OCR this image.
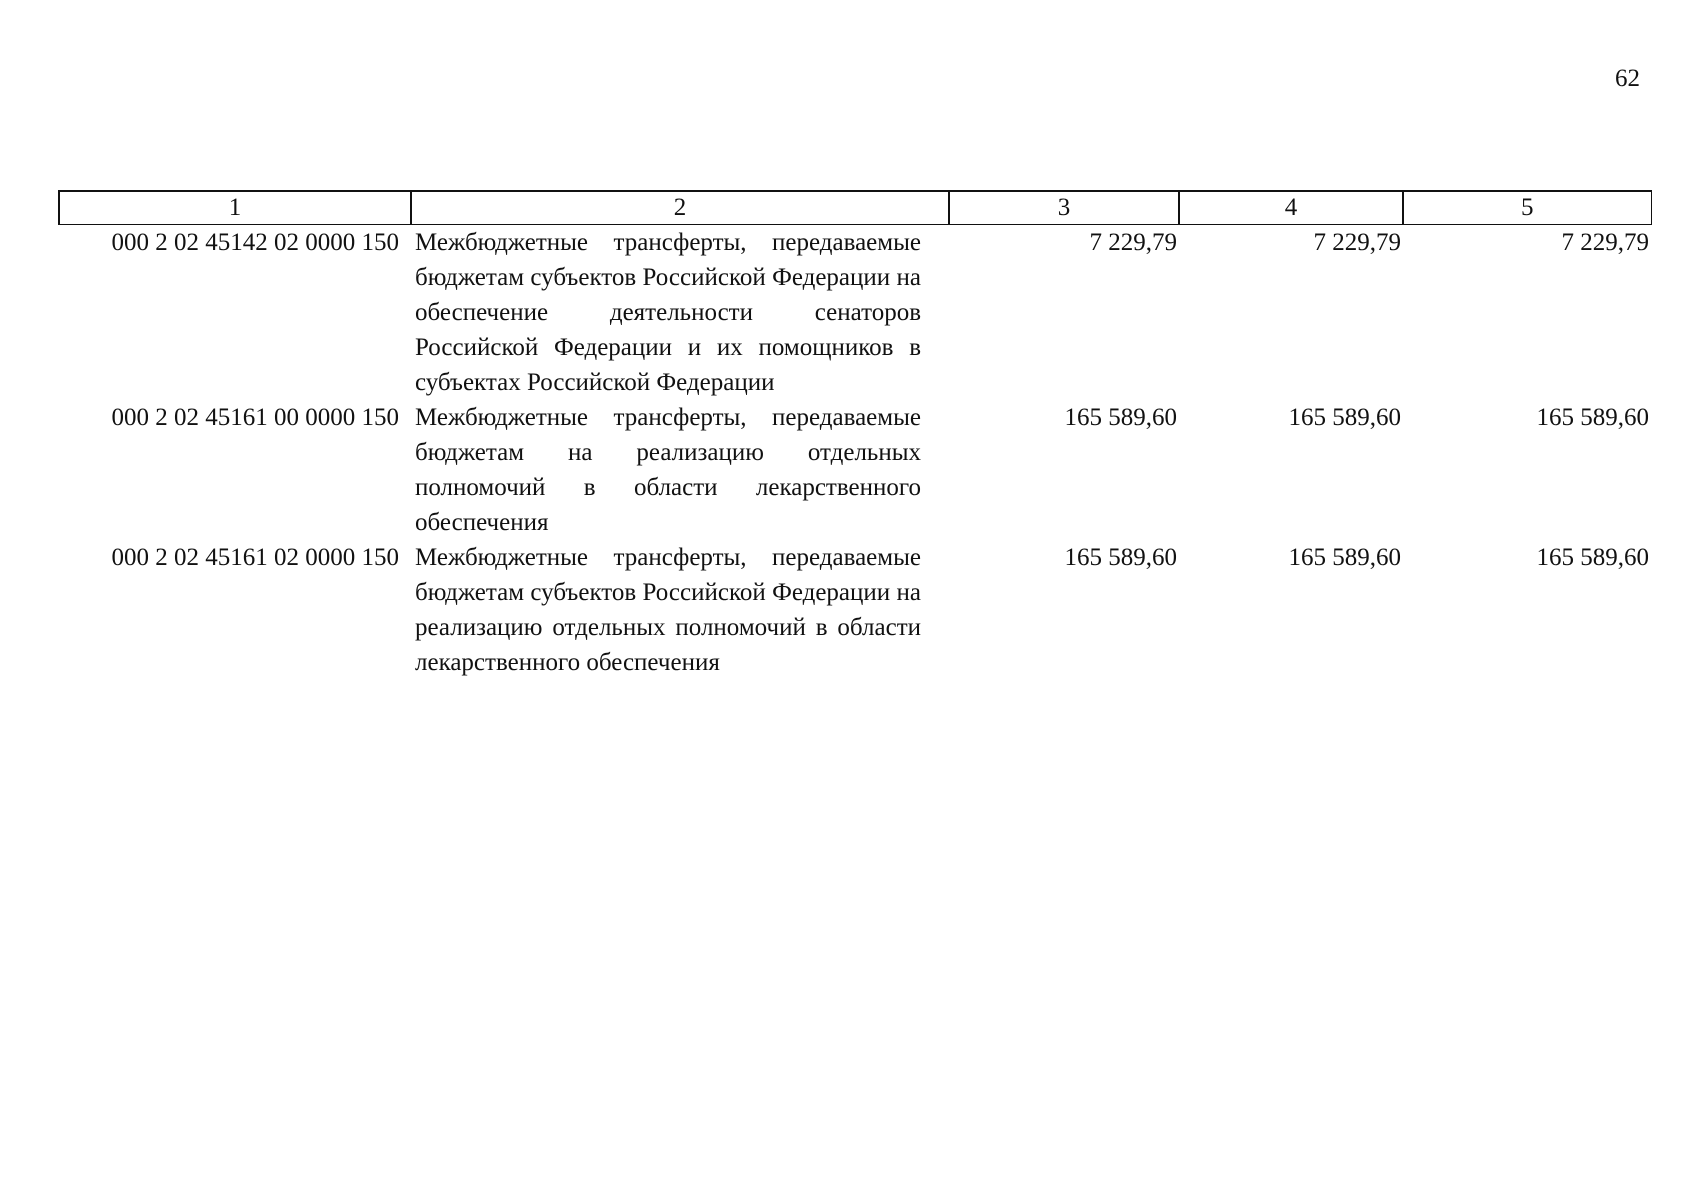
62
1	2	3	4	5
000 2 02 45142 02 0000 150	Межбюджетные трансферты, передаваемые бюджетам субъектов Российской Федерации на обеспечение деятельности сенаторов Российской Федерации и их помощников в субъектах Российской Федерации	7 229,79	7 229,79	7 229,79
000 2 02 45161 00 0000 150	Межбюджетные трансферты, передаваемые бюджетам на реализацию отдельных полномочий в области лекарственного обеспечения	165 589,60	165 589,60	165 589,60
000 2 02 45161 02 0000 150	Межбюджетные трансферты, передаваемые бюджетам субъектов Российской Федерации на реализацию отдельных полномочий в области лекарственного обеспечения	165 589,60	165 589,60	165 589,60
